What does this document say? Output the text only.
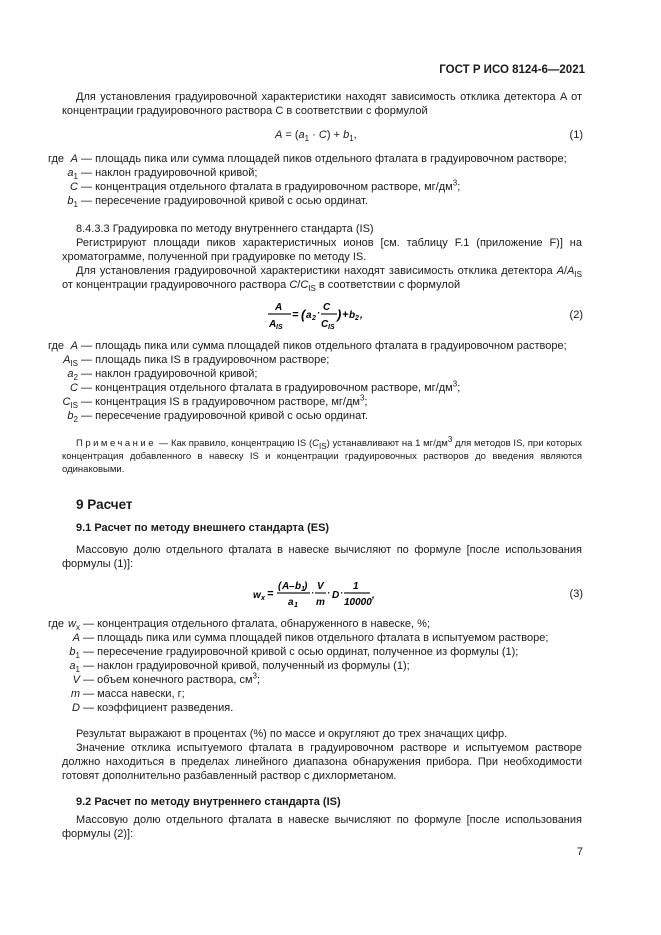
ГОСТ Р ИСО 8124-6—2021
Для установления градуировочной характеристики находят зависимость отклика детектора A от концентрации градуировочного раствора C в соответствии с формулой
$A = (a_1 \cdot C) + b_1$,	(1)
где A — площадь пика или сумма площадей пиков отдельного фталата в градуировочном растворе;
$a_1$ — наклон градуировочной кривой;
C — концентрация отдельного фталата в градуировочном растворе, $мг/дм^3$;
$b_1$ — пересечение градуировочной кривой с осью ординат.
8.4.3.3 Градуировка по методу внутреннего стандарта (IS)
Регистрируют площади пиков характеристичных ионов [см. таблицу F.1 (приложение F)] на хроматограмме, полученной при градуировке по методу IS.
Для установления градуировочной характеристики находят зависимость отклика детектора $A/A_{IS}$ от концентрации градуировочного раствора $C/C_{IS}$ в соответствии с формулой
A
A IS
= ( a 2
· C
C IS
) + b 2 ,	(2)
где A — площадь пика или сумма площадей пиков отдельного фталата в градуировочном растворе;
$A_{IS}$ — площадь пика IS в градуировочном растворе;
$a_2$ — наклон градуировочной кривой;
C — концентрация отдельного фталата в градуировочном растворе, $мг/дм^3$;
$C_{IS}$ — концентрация IS в градуировочном растворе, $мг/дм^3$;
$b_2$ — пересечение градуировочной кривой с осью ординат.
Примечание — Как правило, концентрацию IS $(C_{IS})$ устанавливают на 1 $мг/дм^3$ для методов IS, при которых концентрация добавленного в навеску IS и концентрации градуировочных растворов до введения являются одинаковыми.
9 Расчет
9.1 Расчет по методу внешнего стандарта (ES)
Массовую долю отдельного фталата в навеске вычисляют по формуле [после использования формулы (1)]:
w x =
( A – b 1 )
a 1
·
V
m
· D ·
1
10000
,	(3)
где $w_x$ — концентрация отдельного фталата, обнаруженного в навеске, %;
A — площадь пика или сумма площадей пиков отдельного фталата в испытуемом растворе;
$b_1$ — пересечение градуировочной кривой с осью ординат, полученное из формулы (1);
$a_1$ — наклон градуировочной кривой, полученный из формулы (1);
V — объем конечного раствора, $см^3$;
m — масса навески, г;
D — коэффициент разведения.
Результат выражают в процентах (%) по массе и округляют до трех значащих цифр.
Значение отклика испытуемого фталата в градуировочном растворе и испытуемом растворе должно находиться в пределах линейного диапазона обнаружения прибора. При необходимости готовят дополнительно разбавленный раствор с дихлорметаном.
9.2 Расчет по методу внутреннего стандарта (IS)
Массовую долю отдельного фталата в навеске вычисляют по формуле [после использования формулы (2)]:
7
